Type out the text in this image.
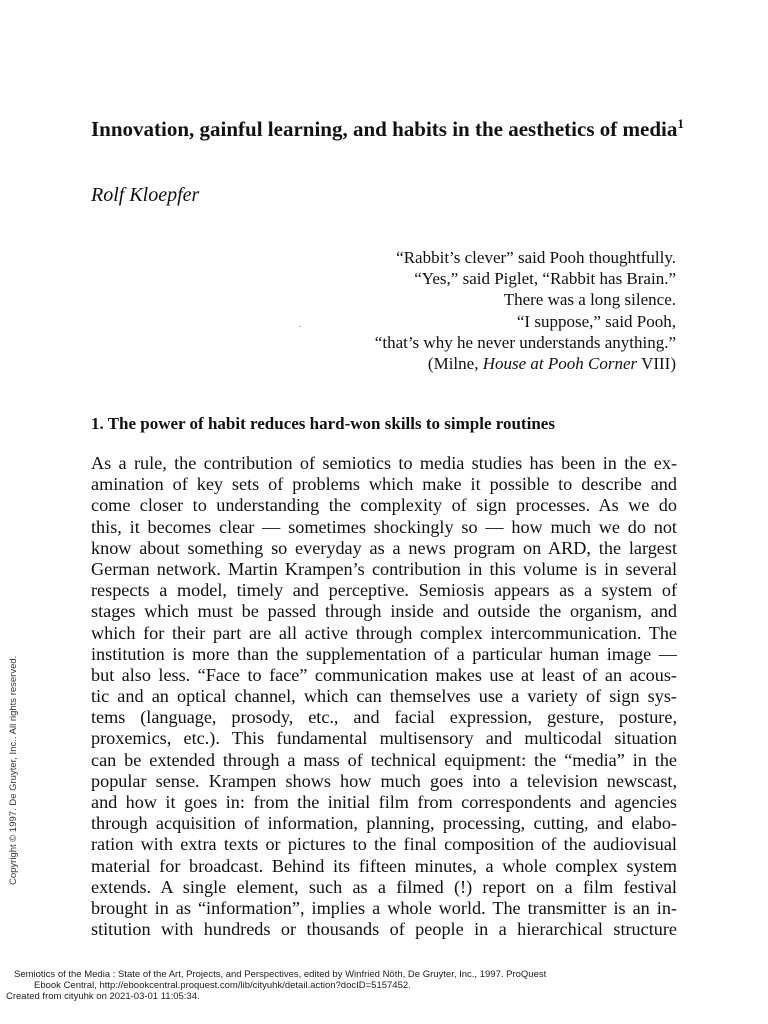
Innovation, gainful learning, and habits in the aesthetics of media$^1$

Rolf Kloepfer

“Rabbit’s clever” said Pooh thoughtfully.
“Yes,” said Piglet, “Rabbit has Brain.”
There was a long silence.
“I suppose,” said Pooh,
“that’s why he never understands anything.”
(Milne, House at Pooh Corner VIII)
1. The power of habit reduces hard-won skills to simple routines
As a rule, the contribution of semiotics to media studies has been in the ex-
amination of key sets of problems which make it possible to describe and
come closer to understanding the complexity of sign processes. As we do
this, it becomes clear — sometimes shockingly so — how much we do not
know about something so everyday as a news program on ARD, the largest
German network. Martin Krampen’s contribution in this volume is in several
respects a model, timely and perceptive. Semiosis appears as a system of
stages which must be passed through inside and outside the organism, and
which for their part are all active through complex intercommunication. The
institution is more than the supplementation of a particular human image —
but also less. “Face to face” communication makes use at least of an acous-
tic and an optical channel, which can themselves use a variety of sign sys-
tems (language, prosody, etc., and facial expression, gesture, posture,
proxemics, etc.). This fundamental multisensory and multicodal situation
can be extended through a mass of technical equipment: the “media” in the
popular sense. Krampen shows how much goes into a television newscast,
and how it goes in: from the initial film from correspondents and agencies
through acquisition of information, planning, processing, cutting, and elabo-
ration with extra texts or pictures to the final composition of the audiovisual
material for broadcast. Behind its fifteen minutes, a whole complex system
extends. A single element, such as a filmed (!) report on a film festival
brought in as “information”, implies a whole world. The transmitter is an in-
stitution with hundreds or thousands of people in a hierarchical structure
Copyright © 1997. De Gruyter, Inc.. All rights reserved.
Semiotics of the Media : State of the Art, Projects, and Perspectives, edited by Winfried Nöth, De Gruyter, Inc., 1997. ProQuest
Ebook Central, http://ebookcentral.proquest.com/lib/cityuhk/detail.action?docID=5157452.
Created from cityuhk on 2021-03-01 11:05:34.
